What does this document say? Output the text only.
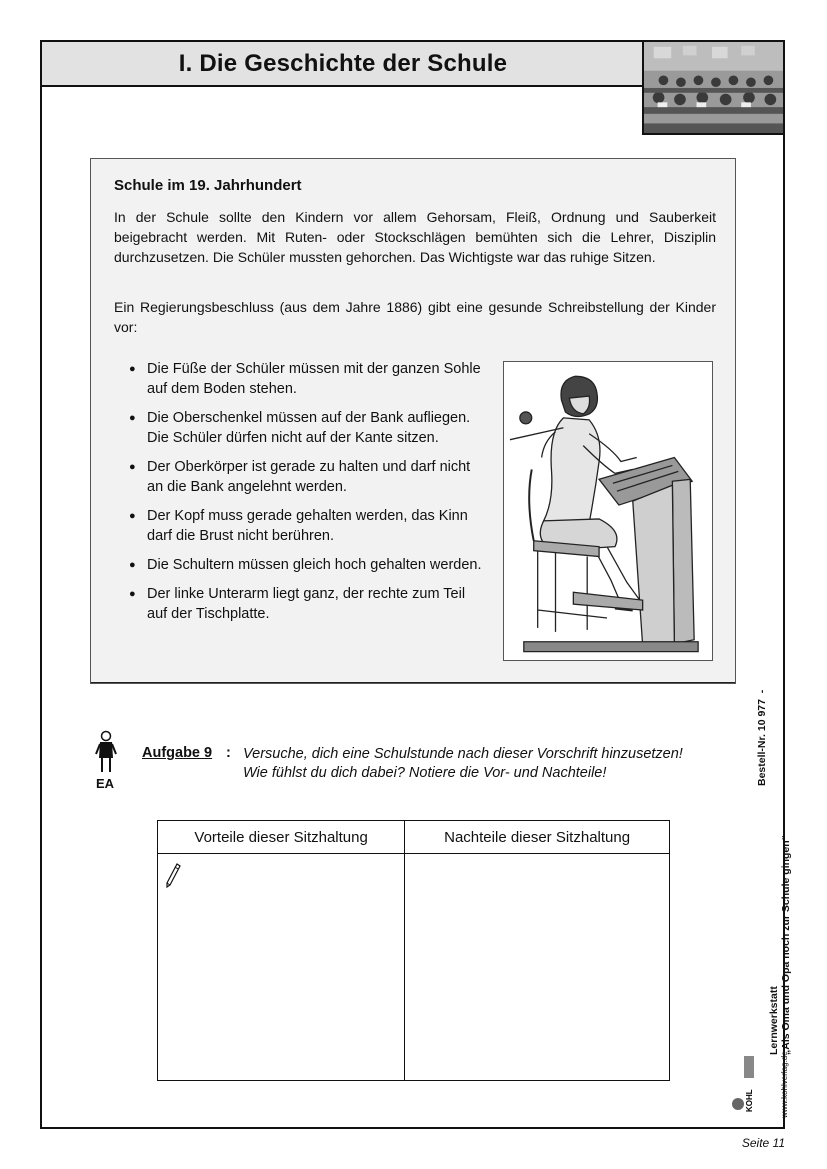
I. Die Geschichte der Schule
Schule im 19. Jahrhundert

In der Schule sollte den Kindern vor allem Gehorsam, Fleiß, Ordnung und Sauberkeit beigebracht werden. Mit Ruten- oder Stockschlägen bemühten sich die Lehrer, Disziplin durchzusetzen. Die Schüler mussten gehorchen. Das Wichtigste war das ruhige Sitzen.

Ein Regierungsbeschluss (aus dem Jahre 1886) gibt eine gesunde Schreibstellung der Kinder vor:

● Die Füße der Schüler müssen mit der ganzen Sohle auf dem Boden stehen.
● Die Oberschenkel müssen auf der Bank aufliegen. Die Schüler dürfen nicht auf der Kante sitzen.
● Der Oberkörper ist gerade zu halten und darf nicht an die Bank angelehnt werden.
● Der Kopf muss gerade gehalten werden, das Kinn darf die Brust nicht berühren.
● Die Schultern müssen gleich hoch gehalten werden.
● Der linke Unterarm liegt ganz, der rechte zum Teil auf der Tischplatte.
EA
Aufgabe 9 : Versuche, dich eine Schulstunde nach dieser Vorschrift hinzusetzen! Wie fühlst du dich dabei? Notiere die Vor- und Nachteile!
Vorteile dieser Sitzhaltung	Nachteile dieser Sitzhaltung

Bestell-Nr. 10 977  -
Lernwerkstatt „Als Oma und Opa noch zur Schule gingen“
www.kohlverlag.de
KOHL
Seite 11
